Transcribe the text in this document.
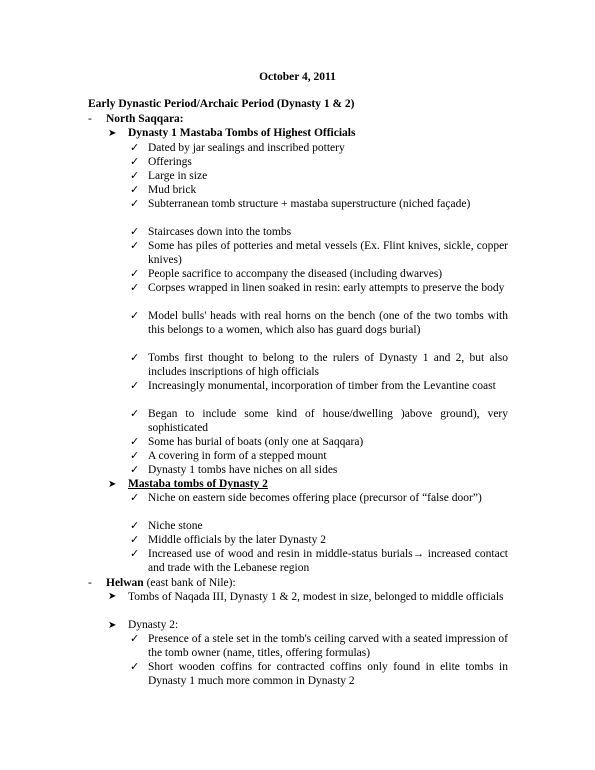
October 4, 2011
Early Dynastic Period/Archaic Period (Dynasty 1 & 2)
- North Saqqara:
➤ Dynasty 1 Mastaba Tombs of Highest Officials
✓ Dated by jar sealings and inscribed pottery
✓ Offerings
✓ Large in size
✓ Mud brick
✓ Subterranean tomb structure + mastaba superstructure (niched façade)
✓ Staircases down into the tombs
✓ Some has piles of potteries and metal vessels (Ex. Flint knives, sickle, copper knives)
✓ People sacrifice to accompany the diseased (including dwarves)
✓ Corpses wrapped in linen soaked in resin: early attempts to preserve the body
✓ Model bulls' heads with real horns on the bench (one of the two tombs with this belongs to a women, which also has guard dogs burial)
✓ Tombs first thought to belong to the rulers of Dynasty 1 and 2, but also includes inscriptions of high officials
✓ Increasingly monumental, incorporation of timber from the Levantine coast
✓ Began to include some kind of house/dwelling )above ground), very sophisticated
✓ Some has burial of boats (only one at Saqqara)
✓ A covering in form of a stepped mount
✓ Dynasty 1 tombs have niches on all sides
➤ Mastaba tombs of Dynasty 2
✓ Niche on eastern side becomes offering place (precursor of “false door”)
✓ Niche stone
✓ Middle officials by the later Dynasty 2
✓ Increased use of wood and resin in middle-status burials→ increased contact and trade with the Lebanese region
- Helwan (east bank of Nile):
➤	Tombs of Naqada III, Dynasty 1 & 2, modest in size, belonged to middle officials
➤ Dynasty 2:
✓ Presence of a stele set in the tomb's ceiling carved with a seated impression of the tomb owner (name, titles, offering formulas)
✓ Short wooden coffins for contracted coffins only found in elite tombs in Dynasty 1 much more common in Dynasty 2
